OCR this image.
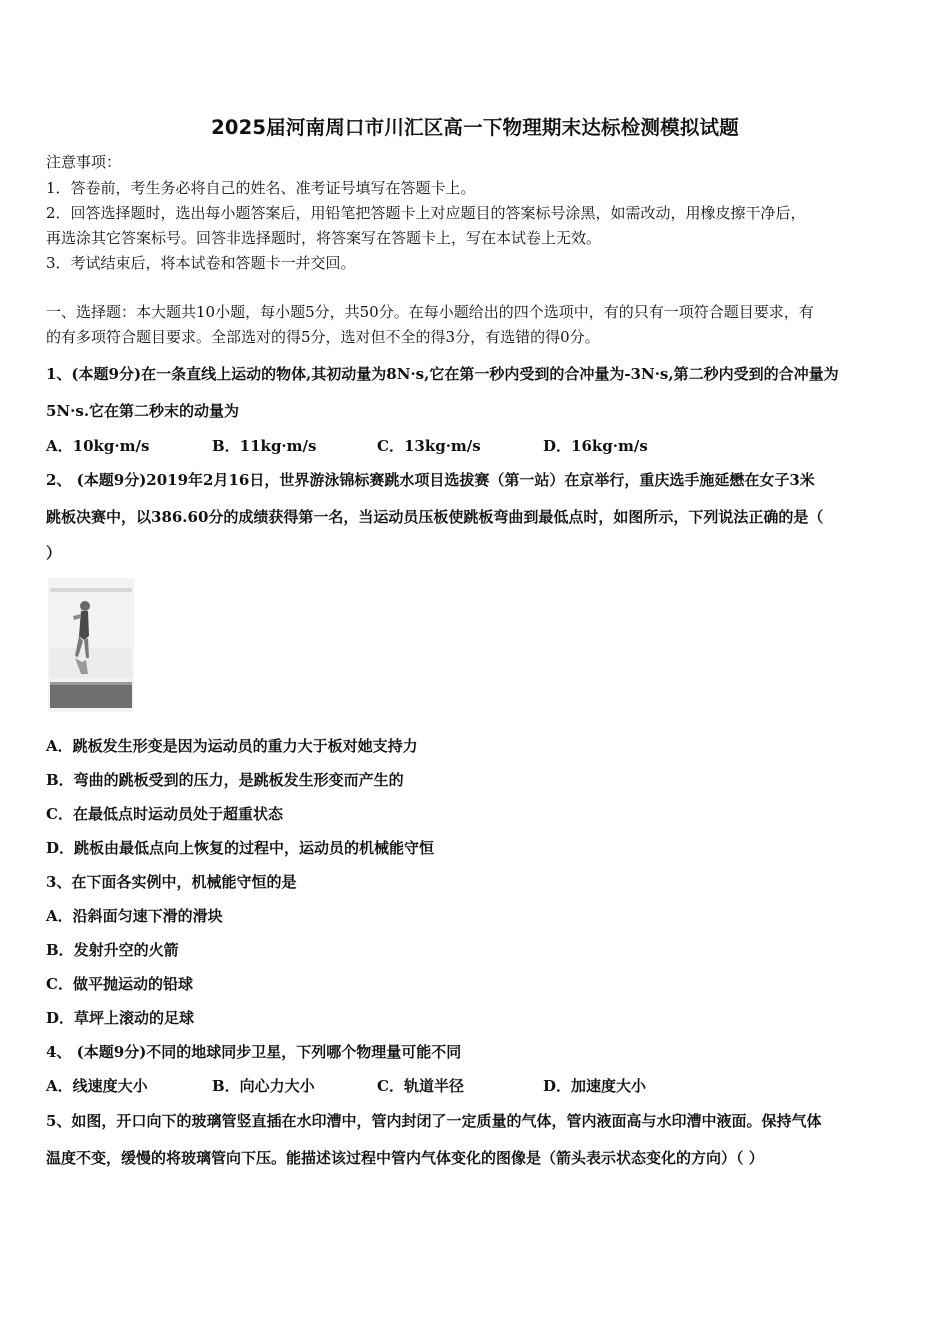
2025届河南周口市川汇区高一下物理期末达标检测模拟试题
注意事项：
1．答卷前，考生务必将自己的姓名、准考证号填写在答题卡上。
2．回答选择题时，选出每小题答案后，用铅笔把答题卡上对应题目的答案标号涂黑，如需改动，用橡皮擦干净后，
再选涂其它答案标号。回答非选择题时，将答案写在答题卡上，写在本试卷上无效。
3．考试结束后，将本试卷和答题卡一并交回。
一、选择题：本大题共10小题，每小题5分，共50分。在每小题给出的四个选项中，有的只有一项符合题目要求，有
的有多项符合题目要求。全部选对的得5分，选对但不全的得3分，有选错的得0分。
1、(本题9分)在一条直线上运动的物体,其初动量为8N·s,它在第一秒内受到的合冲量为-3N·s,第二秒内受到的合冲量为
5N·s.它在第二秒末的动量为
A．10kg·m/s	B．11kg·m/s	C．13kg·m/s	D．16kg·m/s
2、 (本题9分)2019年2月16日，世界游泳锦标赛跳水项目选拔赛（第一站）在京举行，重庆选手施延懋在女子3米
跳板决赛中，以386.60分的成绩获得第一名，当运动员压板使跳板弯曲到最低点时，如图所示，下列说法正确的是（
）
A．跳板发生形变是因为运动员的重力大于板对她支持力
B．弯曲的跳板受到的压力，是跳板发生形变而产生的
C．在最低点时运动员处于超重状态
D．跳板由最低点向上恢复的过程中，运动员的机械能守恒
3、在下面各实例中，机械能守恒的是
A．沿斜面匀速下滑的滑块
B．发射升空的火箭
C．做平抛运动的铅球
D．草坪上滚动的足球
4、 (本题9分)不同的地球同步卫星，下列哪个物理量可能不同
A．线速度大小	B．向心力大小	C．轨道半径	D．加速度大小
5、如图，开口向下的玻璃管竖直插在水印漕中，管内封闭了一定质量的气体，管内液面高与水印漕中液面。保持气体
温度不变，缓慢的将玻璃管向下压。能描述该过程中管内气体变化的图像是（箭头表示状态变化的方向）（ ）
